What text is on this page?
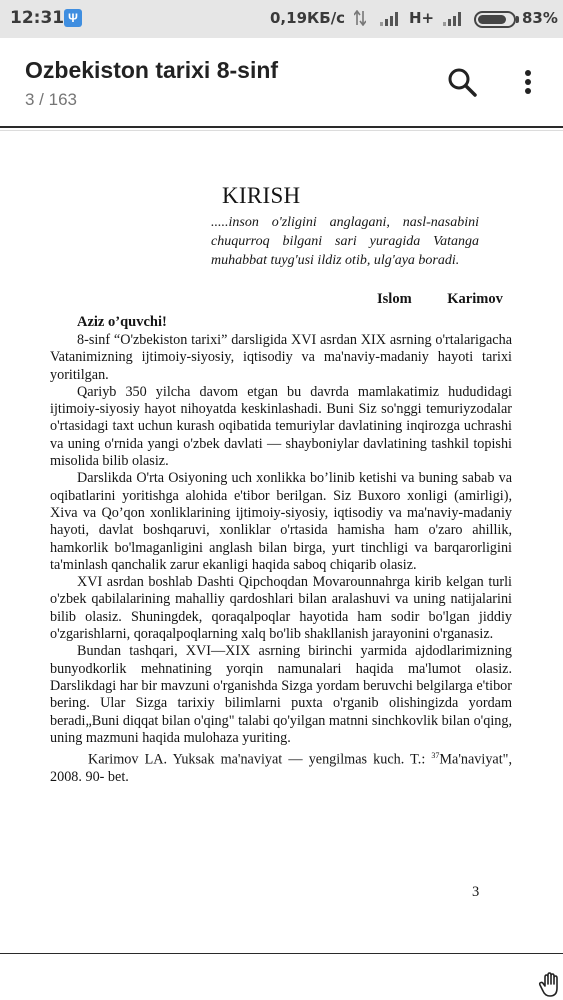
12:31 Ψ	0,19КБ/с	H+	83%
Ozbekiston tarixi 8-sinf
3 / 163
KIRISH
.....inson o'zligini anglagani, nasl-nasabini chuqurroq bilgani sari yuragida Vatanga muhabbat tuyg'usi ildiz otib, ulg'aya boradi.
Islom Karimov
Aziz o’quvchi!

8-sinf “O'zbekiston tarixi” darsligida XVI asrdan XIX asrning o'rtalarigacha Vatanimizning ijtimoiy-siyosiy, iqtisodiy va ma'naviy-madaniy hayoti tarixi yoritilgan.

Qariyb 350 yilcha davom etgan bu davrda mamlakatimiz hududidagi ijtimoiy-siyosiy hayot nihoyatda keskinlashadi. Buni Siz so'nggi temuriyzodalar o'rtasidagi taxt uchun kurash oqibatida temuriylar davlatining inqirozga uchrashi va uning o'rnida yangi o'zbek davlati — shayboniylar davlatining tashkil topishi misolida bilib olasiz.

Darslikda O'rta Osiyoning uch xonlikka bo’linib ketishi va buning sabab va oqibatlarini yoritishga alohida e'tibor berilgan. Siz Buxoro xonligi (amirligi), Xiva va Qo’qon xonliklarining ijtimoiy-siyosiy, iqtisodiy va ma'naviy-madaniy hayoti, davlat boshqaruvi, xonliklar o'rtasida hamisha ham o'zaro ahillik, hamkorlik bo'lmaganligini anglash bilan birga, yurt tinchligi va barqarorligini ta'minlash qanchalik zarur ekanligi haqida saboq chiqarib olasiz.

XVI asrdan boshlab Dashti Qipchoqdan Movarounnahrga kirib kelgan turli o'zbek qabilalarining mahalliy qardoshlari bilan aralashuvi va uning natijalarini bilib olasiz. Shuningdek, qoraqalpoqlar hayotida ham sodir bo'lgan jiddiy o'zgarishlarni, qoraqalpoqlarning xalq bo'lib shakllanish jarayonini o'rganasiz.

Bundan tashqari, XVI—XIX asrning birinchi yarmida ajdodlarimizning bunyodkorlik mehnatining yorqin namunalari haqida ma'lumot olasiz. Darslikdagi har bir mavzuni o'rganishda Sizga yordam beruvchi belgilarga e'tibor bering. Ular Sizga tarixiy bilimlarni puxta o'rganib olishingizda yordam beradi„Buni diqqat bilan o'qing" talabi qo'yilgan matnni sinchkovlik bilan o'qing, uning mazmuni haqida mulohaza yuriting.

Karimov LA. Yuksak ma'naviyat — yengilmas kuch. T.: $^{37}$Ma'naviyat", 2008. 90- bet.

3
